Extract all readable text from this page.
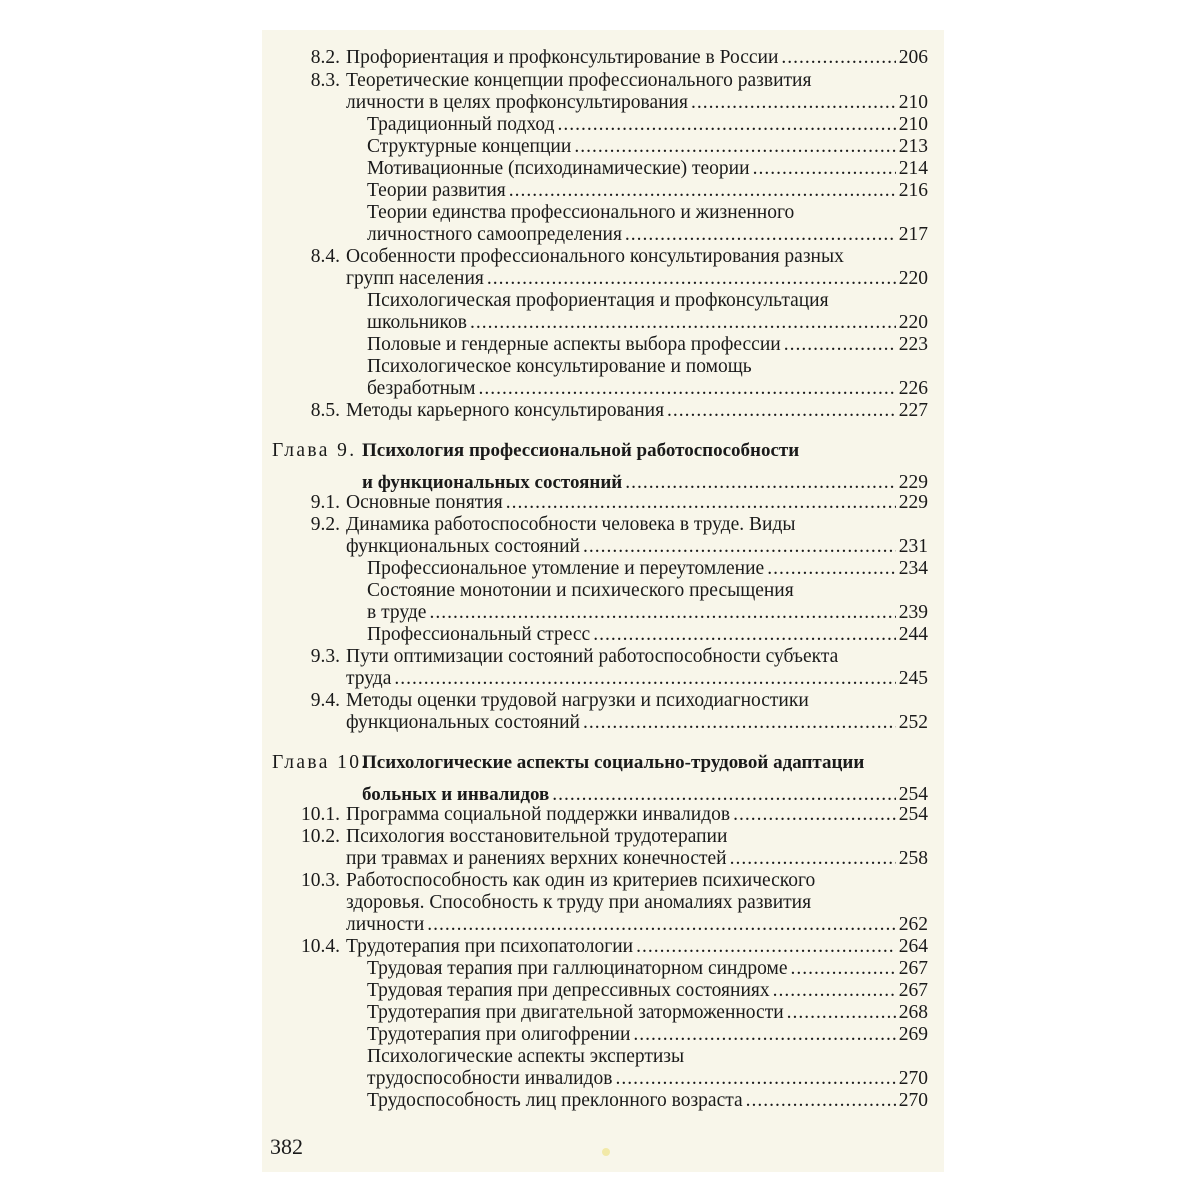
8.2. Профориентация и профконсультирование в России .....	206
8.3. Теоретические концепции профессионального развития
личности в целях профконсультирования .....	210
Традиционный подход .....	210
Структурные концепции .....	213
Мотивационные (психодинамические) теории .....	214
Теории развития .....	216
Теории единства профессионального и жизненного
личностного самоопределения .....	217
8.4. Особенности профессионального консультирования разных
групп населения .....	220
Психологическая профориентация и профконсультация
школьников .....	220
Половые и гендерные аспекты выбора профессии .....	223
Психологическое консультирование и помощь
безработным .....	226
8.5. Методы карьерного консультирования .....	227
Глава 9. Психология профессиональной работоспособности
и функциональных состояний .....	229
9.1. Основные понятия .....	229
9.2. Динамика работоспособности человека в труде. Виды
функциональных состояний .....	231
Профессиональное утомление и переутомление .....	234
Состояние монотонии и психического пресыщения
в труде .....	239
Профессиональный стресс .....	244
9.3. Пути оптимизации состояний работоспособности субъекта
труда .....	245
9.4. Методы оценки трудовой нагрузки и психодиагностики
функциональных состояний .....	252
Глава 10.
Психологические аспекты социально-трудовой адаптации
больных и инвалидов .....	254
10.1. Программа социальной поддержки инвалидов .....	254
10.2. Психология восстановительной трудотерапии
при травмах и ранениях верхних конечностей .....	258
10.3. Работоспособность как один из критериев психического
здоровья. Способность к труду при аномалиях развития
личности .....	262
10.4. Трудотерапия при психопатологии .....	264
Трудовая терапия при галлюцинаторном синдроме .....	267
Трудовая терапия при депрессивных состояниях .....	267
Трудотерапия при двигательной заторможенности .....	268
Трудотерапия при олигофрении .....	269
Психологические аспекты экспертизы
трудоспособности инвалидов .....	270
Трудоспособность лиц преклонного возраста .....	270
382
